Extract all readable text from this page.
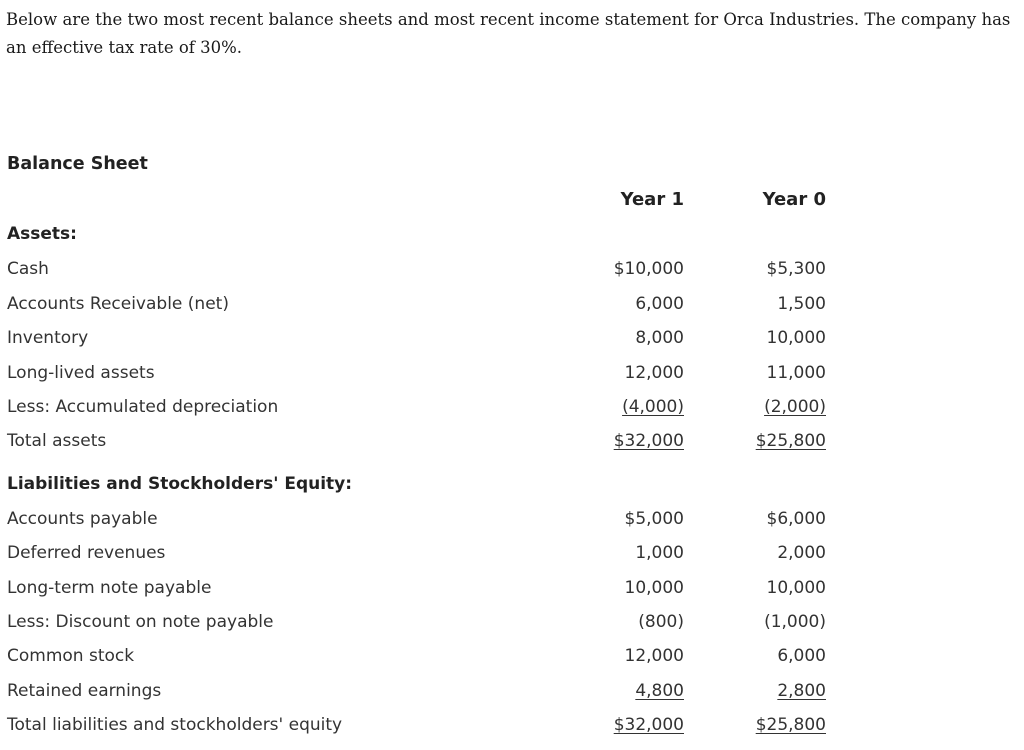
Below are the two most recent balance sheets and most recent income statement for Orca Industries. The company has an effective tax rate of 30%.

Balance Sheet
Year 1	Year 0
Assets:
Cash	$10,000	$5,300
Accounts Receivable (net)	6,000	1,500
Inventory	8,000	10,000
Long-lived assets	12,000	11,000
Less: Accumulated depreciation	(4,000)	(2,000)
Total assets	$32,000	$25,800
Liabilities and Stockholders' Equity:
Accounts payable	$5,000	$6,000
Deferred revenues	1,000	2,000
Long-term note payable	10,000	10,000
Less: Discount on note payable	(800)	(1,000)
Common stock	12,000	6,000
Retained earnings	4,800	2,800
Total liabilities and stockholders' equity	$32,000	$25,800
